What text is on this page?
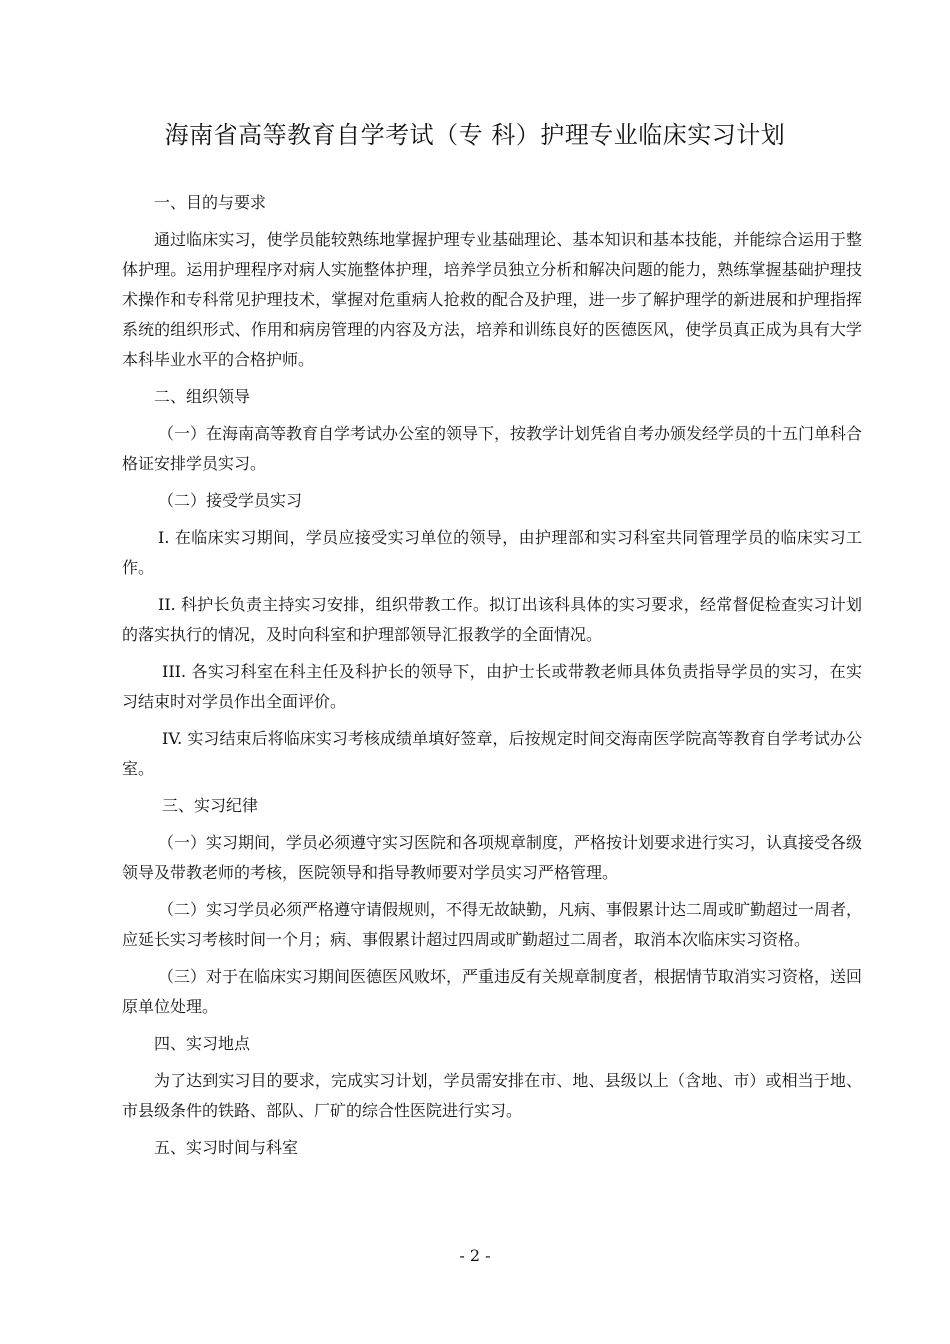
海南省高等教育自学考试（专 科）护理专业临床实习计划

一、目的与要求

通过临床实习，使学员能较熟练地掌握护理专业基础理论、基本知识和基本技能，并能综合运用于整体护理。运用护理程序对病人实施整体护理，培养学员独立分析和解决问题的能力，熟练掌握基础护理技术操作和专科常见护理技术，掌握对危重病人抢救的配合及护理，进一步了解护理学的新进展和护理指挥系统的组织形式、作用和病房管理的内容及方法，培养和训练良好的医德医风，使学员真正成为具有大学本科毕业水平的合格护师。

二、组织领导

（一）在海南高等教育自学考试办公室的领导下，按教学计划凭省自考办颁发经学员的十五门单科合格证安排学员实习。

（二）接受学员实习

I. 在临床实习期间，学员应接受实习单位的领导，由护理部和实习科室共同管理学员的临床实习工作。

II. 科护长负责主持实习安排，组织带教工作。拟订出该科具体的实习要求，经常督促检查实习计划的落实执行的情况，及时向科室和护理部领导汇报教学的全面情况。

III. 各实习科室在科主任及科护长的领导下，由护士长或带教老师具体负责指导学员的实习，在实习结束时对学员作出全面评价。

IV. 实习结束后将临床实习考核成绩单填好签章，后按规定时间交海南医学院高等教育自学考试办公室。

三、实习纪律

（一）实习期间，学员必须遵守实习医院和各项规章制度，严格按计划要求进行实习，认真接受各级领导及带教老师的考核，医院领导和指导教师要对学员实习严格管理。

（二）实习学员必须严格遵守请假规则，不得无故缺勤，凡病、事假累计达二周或旷勤超过一周者，应延长实习考核时间一个月；病、事假累计超过四周或旷勤超过二周者，取消本次临床实习资格。

（三）对于在临床实习期间医德医风败坏，严重违反有关规章制度者，根据情节取消实习资格，送回原单位处理。

四、实习地点

为了达到实习目的要求，完成实习计划，学员需安排在市、地、县级以上（含地、市）或相当于地、市县级条件的铁路、部队、厂矿的综合性医院进行实习。

五、实习时间与科室

- 2 -
